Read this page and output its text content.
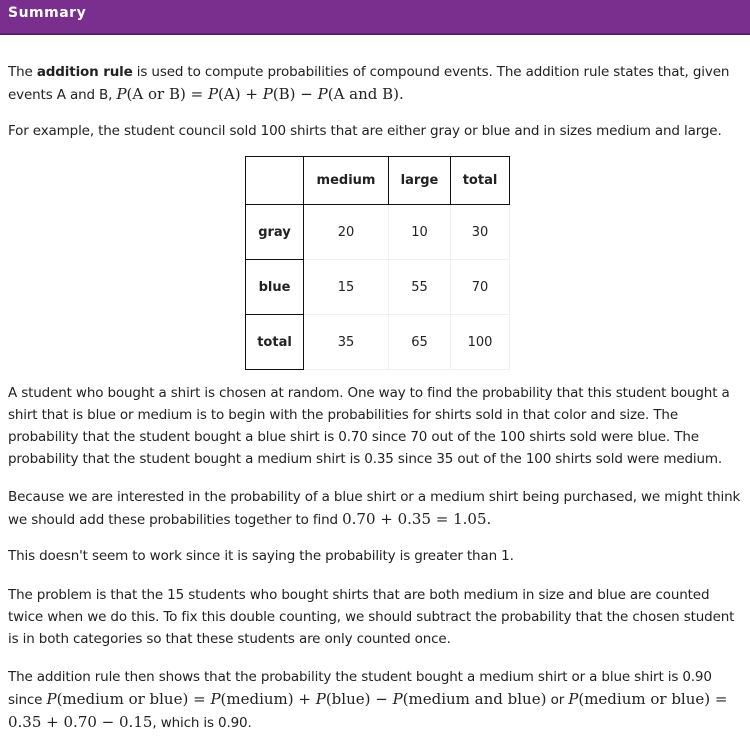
Summary

The addition rule is used to compute probabilities of compound events. The addition rule states that, given events A and B, P(A or B) = P(A) + P(B) − P(A and B).

For example, the student council sold 100 shirts that are either gray or blue and in sizes medium and large.

	medium	large	total
gray	20	10	30
blue	15	55	70
total	35	65	100

A student who bought a shirt is chosen at random. One way to find the probability that this student bought a shirt that is blue or medium is to begin with the probabilities for shirts sold in that color and size. The probability that the student bought a blue shirt is 0.70 since 70 out of the 100 shirts sold were blue. The probability that the student bought a medium shirt is 0.35 since 35 out of the 100 shirts sold were medium.

Because we are interested in the probability of a blue shirt or a medium shirt being purchased, we might think we should add these probabilities together to find 0.70 + 0.35 = 1.05.

This doesn't seem to work since it is saying the probability is greater than 1.

The problem is that the 15 students who bought shirts that are both medium in size and blue are counted twice when we do this. To fix this double counting, we should subtract the probability that the chosen student is in both categories so that these students are only counted once.

The addition rule then shows that the probability the student bought a medium shirt or a blue shirt is 0.90 since P(medium or blue) = P(medium) + P(blue) − P(medium and blue) or P(medium or blue) = 0.35 + 0.70 − 0.15, which is 0.90.
